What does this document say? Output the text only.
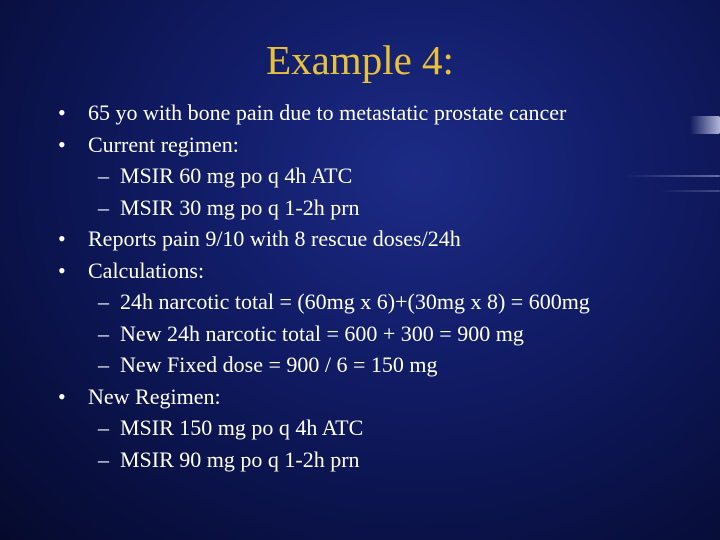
Example 4:
• 65 yo with bone pain due to metastatic prostate cancer
• Current regimen:
– MSIR 60 mg po q 4h ATC
– MSIR 30 mg po q 1-2h prn
• Reports pain 9/10 with 8 rescue doses/24h
• Calculations:
– 24h narcotic total = (60mg x 6)+(30mg x 8) = 600mg
– New 24h narcotic total = 600 + 300 = 900 mg
– New Fixed dose = 900 / 6 = 150 mg
• New Regimen:
– MSIR 150 mg po q 4h ATC
– MSIR 90 mg po q 1-2h prn
